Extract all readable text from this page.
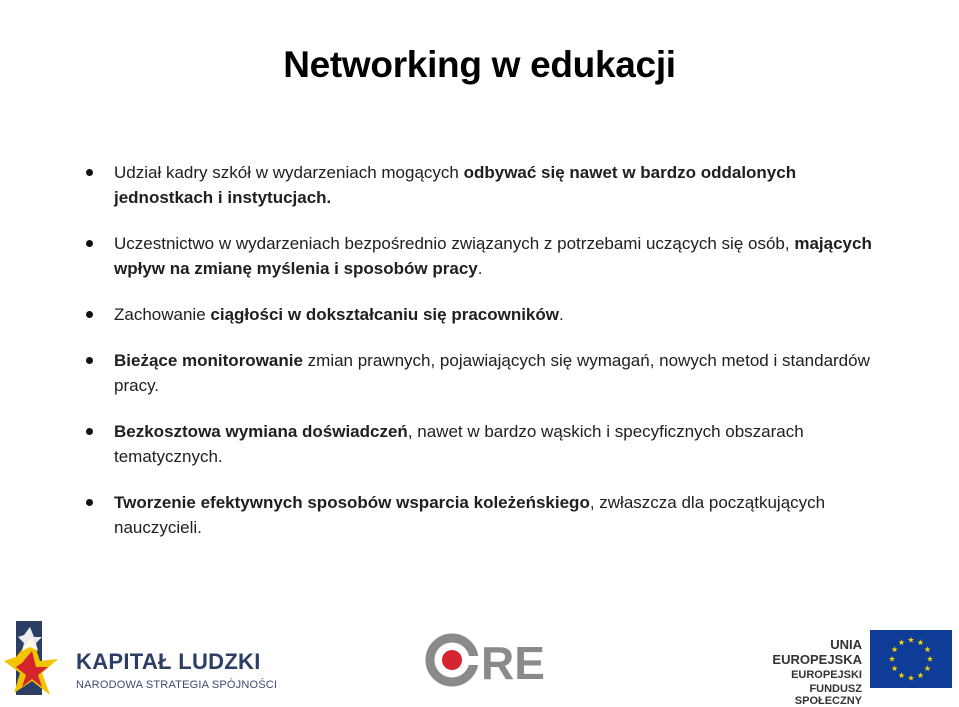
Networking w edukacji
Udział kadry szkół w wydarzeniach mogących odbywać się nawet w bardzo oddalonych jednostkach i instytucjach.
Uczestnictwo w wydarzeniach bezpośrednio związanych z potrzebami uczących się osób, mających wpływ na zmianę myślenia i sposobów pracy.
Zachowanie ciągłości w dokształcaniu się pracowników.
Bieżące monitorowanie zmian prawnych, pojawiających się wymagań, nowych metod i standardów pracy.
Bezkosztowa wymiana doświadczeń, nawet w bardzo wąskich i specyficznych obszarach tematycznych.
Tworzenie efektywnych sposobów wsparcia koleżeńskiego, zwłaszcza dla początkujących nauczycieli.
KAPITAŁ LUDZKI
NARODOWA STRATEGIA SPÓJNOŚCI	RE	UNIA EUROPEJSKA
EUROPEJSKI
FUNDUSZ SPOŁECZNY
